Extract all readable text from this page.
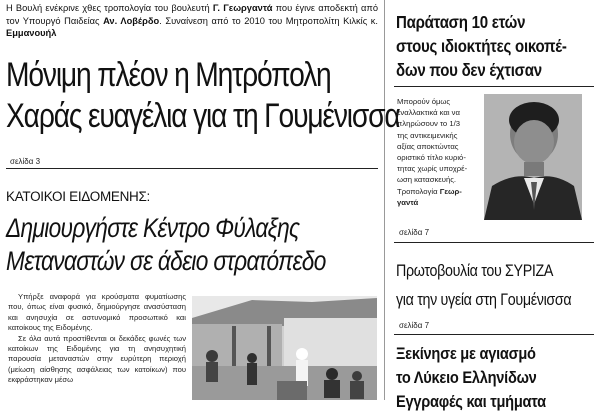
Η Βουλή ενέκρινε χθες τροπολογία του βουλευτή Γ. Γεωργαντά που έγινε αποδεκτή από τον Υπουργό Παιδείας Αν. Λοβέρδο. Συναίνεση από το 2010 του Μητροπολίτη Κιλκίς κ. Εμμανουήλ
Μόνιμη πλέον η Μητρόπολη
Χαράς ευαγέλια για τη Γουμένισσα
σελίδα 3
ΚΑΤΟΙΚΟΙ ΕΙΔΟΜΕΝΗΣ:
Δημιουργήστε Κέντρο Φύλαξης
Μεταναστών σε άδειο στρατόπεδο

Υπήρξε αναφορά για κρούσματα φυματίωσης που, όπως είναι φυσικό, δημιούργησε ανασύσταση και ανησυχία σε αστυνομικό προσωπικό και κατοίκους της Ειδομένης.

Σε όλα αυτά προστίθενται οι δεκάδες φωνές των κατοίκων της Ειδομένης για τη ανησυχητική παρουσία μεταναστών στην ευρύτερη περιοχή (μείωση αίσθησης ασφάλειας των κατοίκων) που εκφράστηκαν μέσω

Παράταση 10 ετών
στους ιδιοκτήτες οικοπέ-
δων που δεν έχτισαν
Μπορούν όμως
εναλλακτικά και να
πληρώσουν το 1/3
της αντικειμενικής
αξίας αποκτώντας
οριστικό τίτλο κυριό-
τητας χωρίς υποχρέ-
ωση κατασκευής.
Τροπολογία Γεωρ-
γαντά
σελίδα 7
Πρωτοβουλία του ΣΥΡΙΖΑ
για την υγεία στη Γουμένισσα
σελίδα 7
Ξεκίνησε με αγιασμό
το Λύκειο Ελληνίδων
Εγγραφές και τμήματα
